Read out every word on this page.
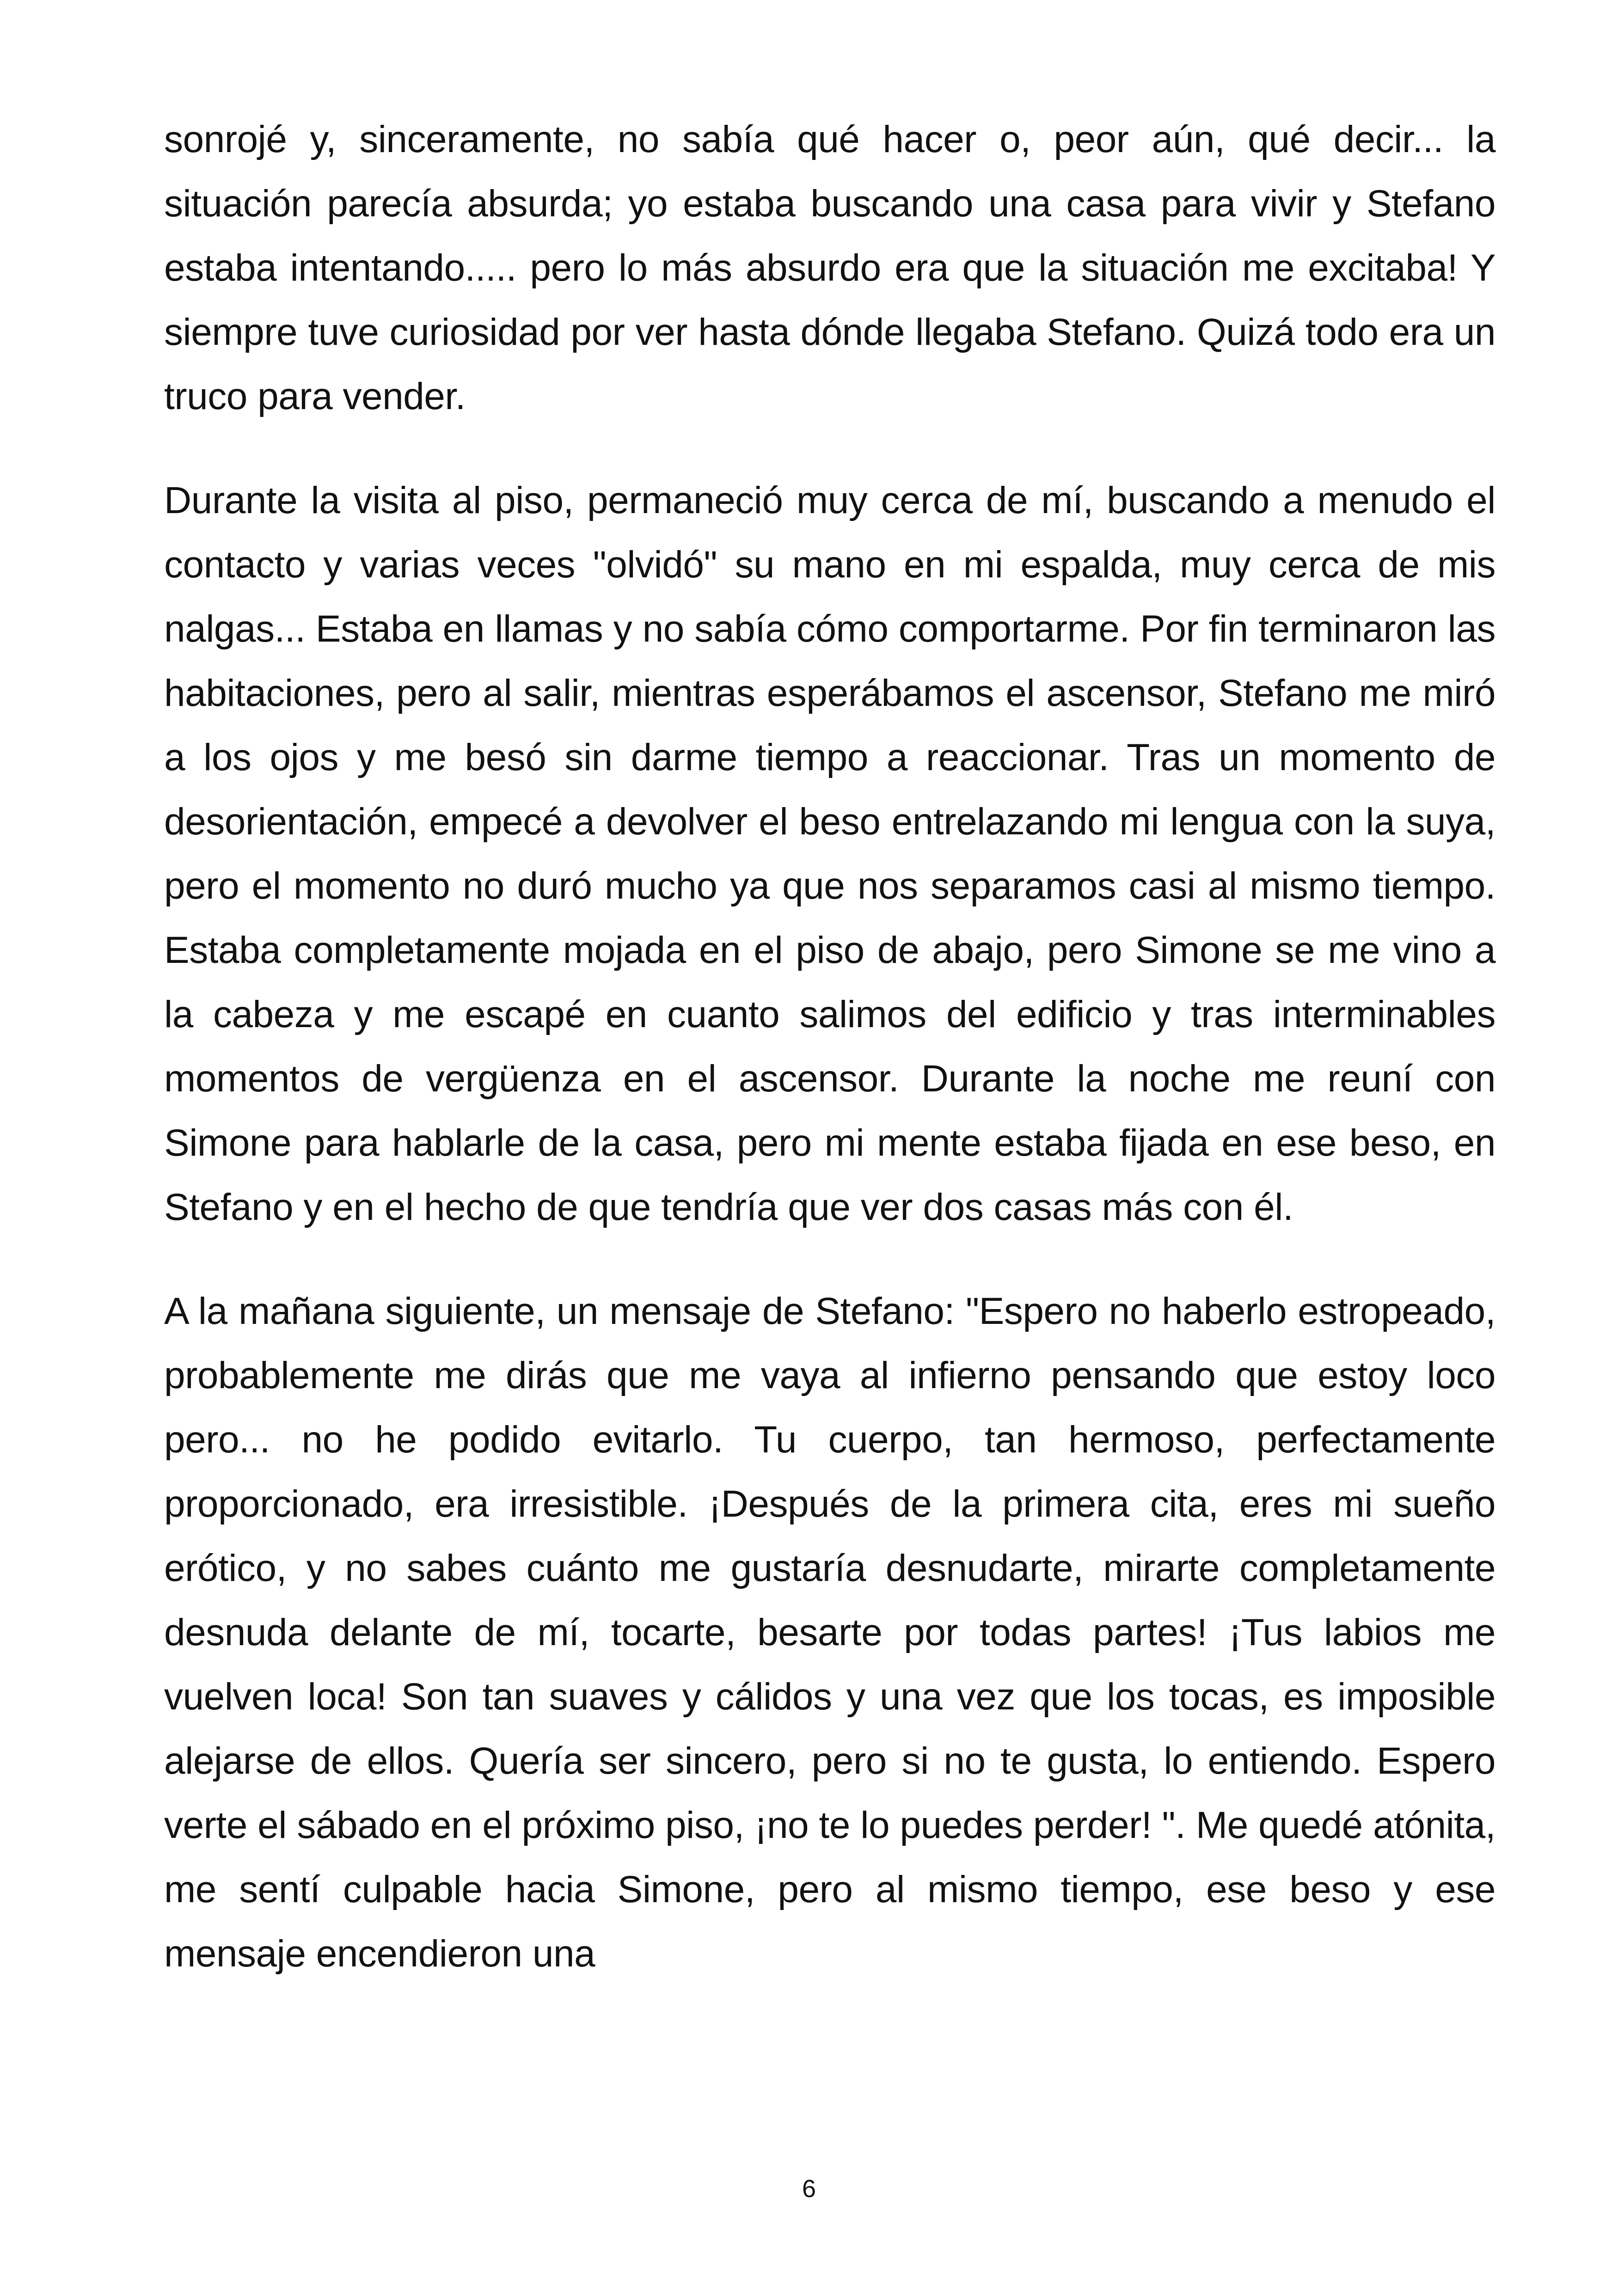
sonrojé y, sinceramente, no sabía qué hacer o, peor aún, qué decir... la situación parecía absurda; yo estaba buscando una casa para vivir y Stefano estaba intentando..... pero lo más absurdo era que la situación me excitaba! Y siempre tuve curiosidad por ver hasta dónde llegaba Stefano. Quizá todo era un truco para vender.

Durante la visita al piso, permaneció muy cerca de mí, buscando a menudo el contacto y varias veces "olvidó" su mano en mi espalda, muy cerca de mis nalgas... Estaba en llamas y no sabía cómo comportarme. Por fin terminaron las habitaciones, pero al salir, mientras esperábamos el ascensor, Stefano me miró a los ojos y me besó sin darme tiempo a reaccionar. Tras un momento de desorientación, empecé a devolver el beso entrelazando mi lengua con la suya, pero el momento no duró mucho ya que nos separamos casi al mismo tiempo. Estaba completamente mojada en el piso de abajo, pero Simone se me vino a la cabeza y me escapé en cuanto salimos del edificio y tras interminables momentos de vergüenza en el ascensor. Durante la noche me reuní con Simone para hablarle de la casa, pero mi mente estaba fijada en ese beso, en Stefano y en el hecho de que tendría que ver dos casas más con él.

A la mañana siguiente, un mensaje de Stefano: "Espero no haberlo estropeado, probablemente me dirás que me vaya al infierno pensando que estoy loco pero... no he podido evitarlo. Tu cuerpo, tan hermoso, perfectamente proporcionado, era irresistible. ¡Después de la primera cita, eres mi sueño erótico, y no sabes cuánto me gustaría desnudarte, mirarte completamente desnuda delante de mí, tocarte, besarte por todas partes! ¡Tus labios me vuelven loca! Son tan suaves y cálidos y una vez que los tocas, es imposible alejarse de ellos. Quería ser sincero, pero si no te gusta, lo entiendo. Espero verte el sábado en el próximo piso, ¡no te lo puedes perder! ". Me quedé atónita, me sentí culpable hacia Simone, pero al mismo tiempo, ese beso y ese mensaje encendieron una

6
